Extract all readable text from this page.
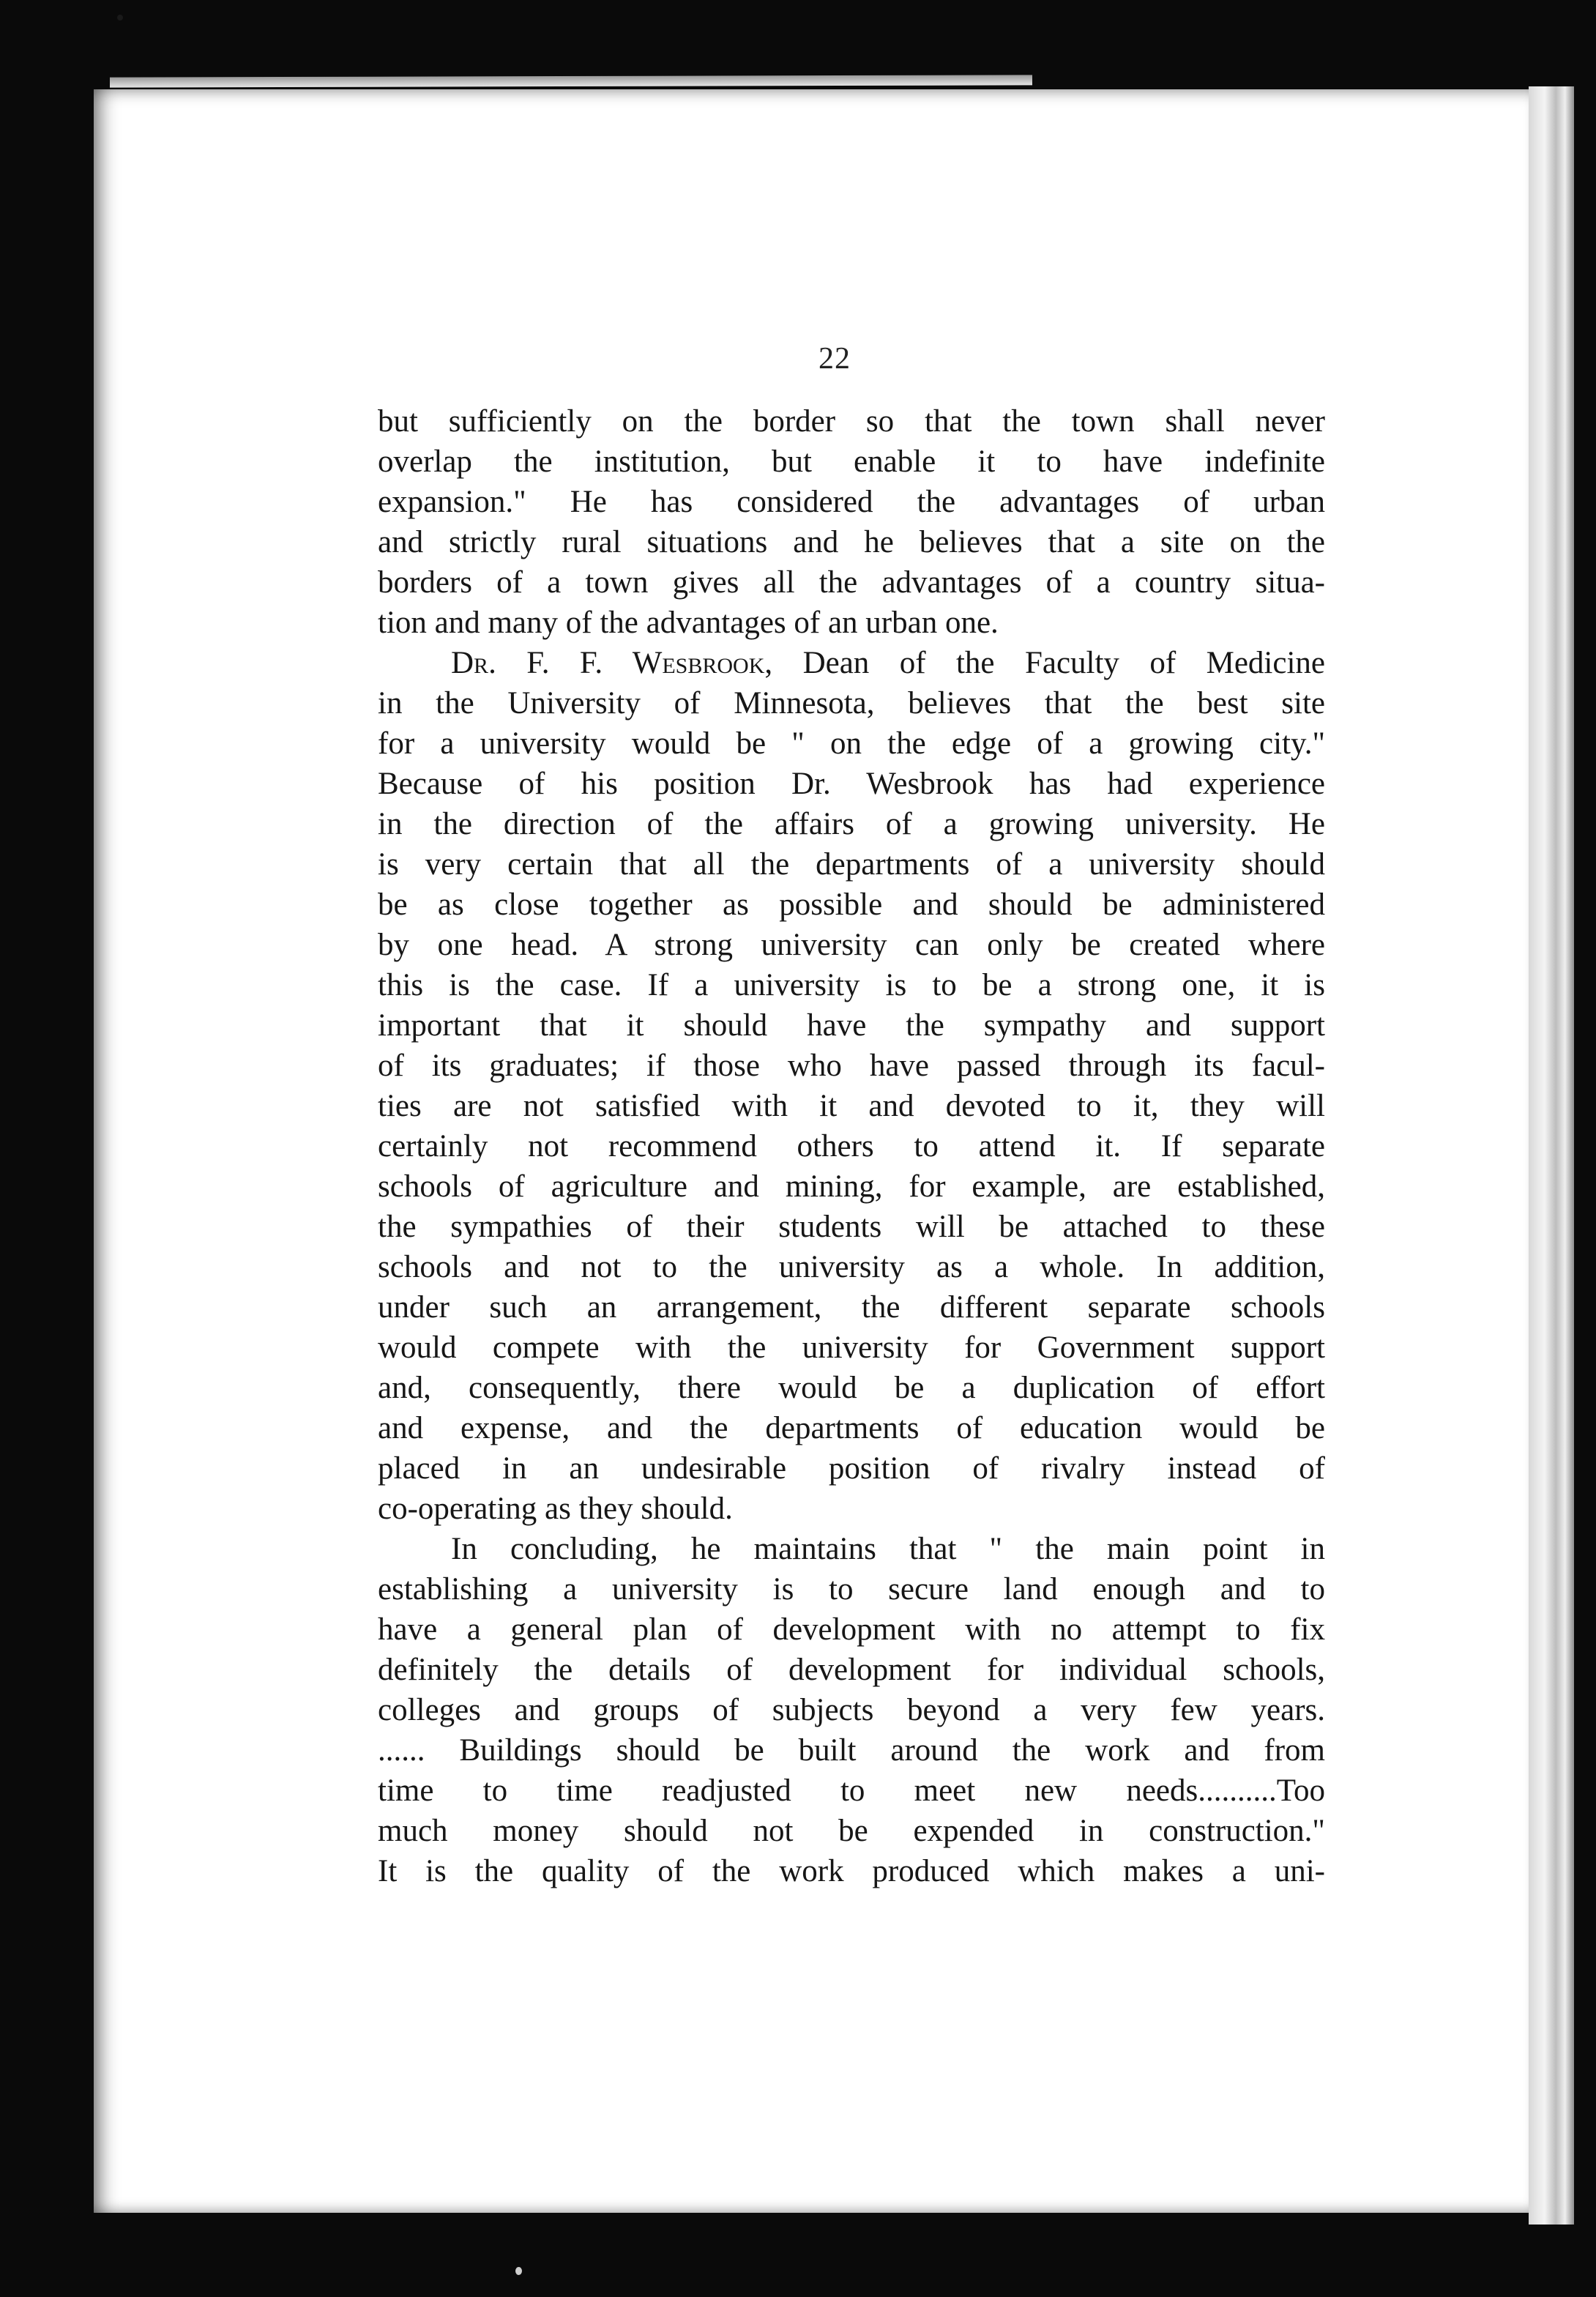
22
but sufficiently on the border so that the town shall never
overlap the institution, but enable it to have indefinite
expansion." He has considered the advantages of urban
and strictly rural situations and he believes that a site on the
borders of a town gives all the advantages of a country situa-
tion and many of the advantages of an urban one.
Dr. F. F. Wesbrook, Dean of the Faculty of Medicine
in the University of Minnesota, believes that the best site
for a university would be " on the edge of a growing city."
Because of his position Dr. Wesbrook has had experience
in the direction of the affairs of a growing university. He
is very certain that all the departments of a university should
be as close together as possible and should be administered
by one head. A strong university can only be created where
this is the case. If a university is to be a strong one, it is
important that it should have the sympathy and support
of its graduates; if those who have passed through its facul-
ties are not satisfied with it and devoted to it, they will
certainly not recommend others to attend it. If separate
schools of agriculture and mining, for example, are established,
the sympathies of their students will be attached to these
schools and not to the university as a whole. In addition,
under such an arrangement, the different separate schools
would compete with the university for Government support
and, consequently, there would be a duplication of effort
and expense, and the departments of education would be
placed in an undesirable position of rivalry instead of
co-operating as they should.
In concluding, he maintains that " the main point in
establishing a university is to secure land enough and to
have a general plan of development with no attempt to fix
definitely the details of development for individual schools,
colleges and groups of subjects beyond a very few years.
...... Buildings should be built around the work and from
time to time readjusted to meet new needs..........Too
much money should not be expended in construction."
It is the quality of the work produced which makes a uni-
